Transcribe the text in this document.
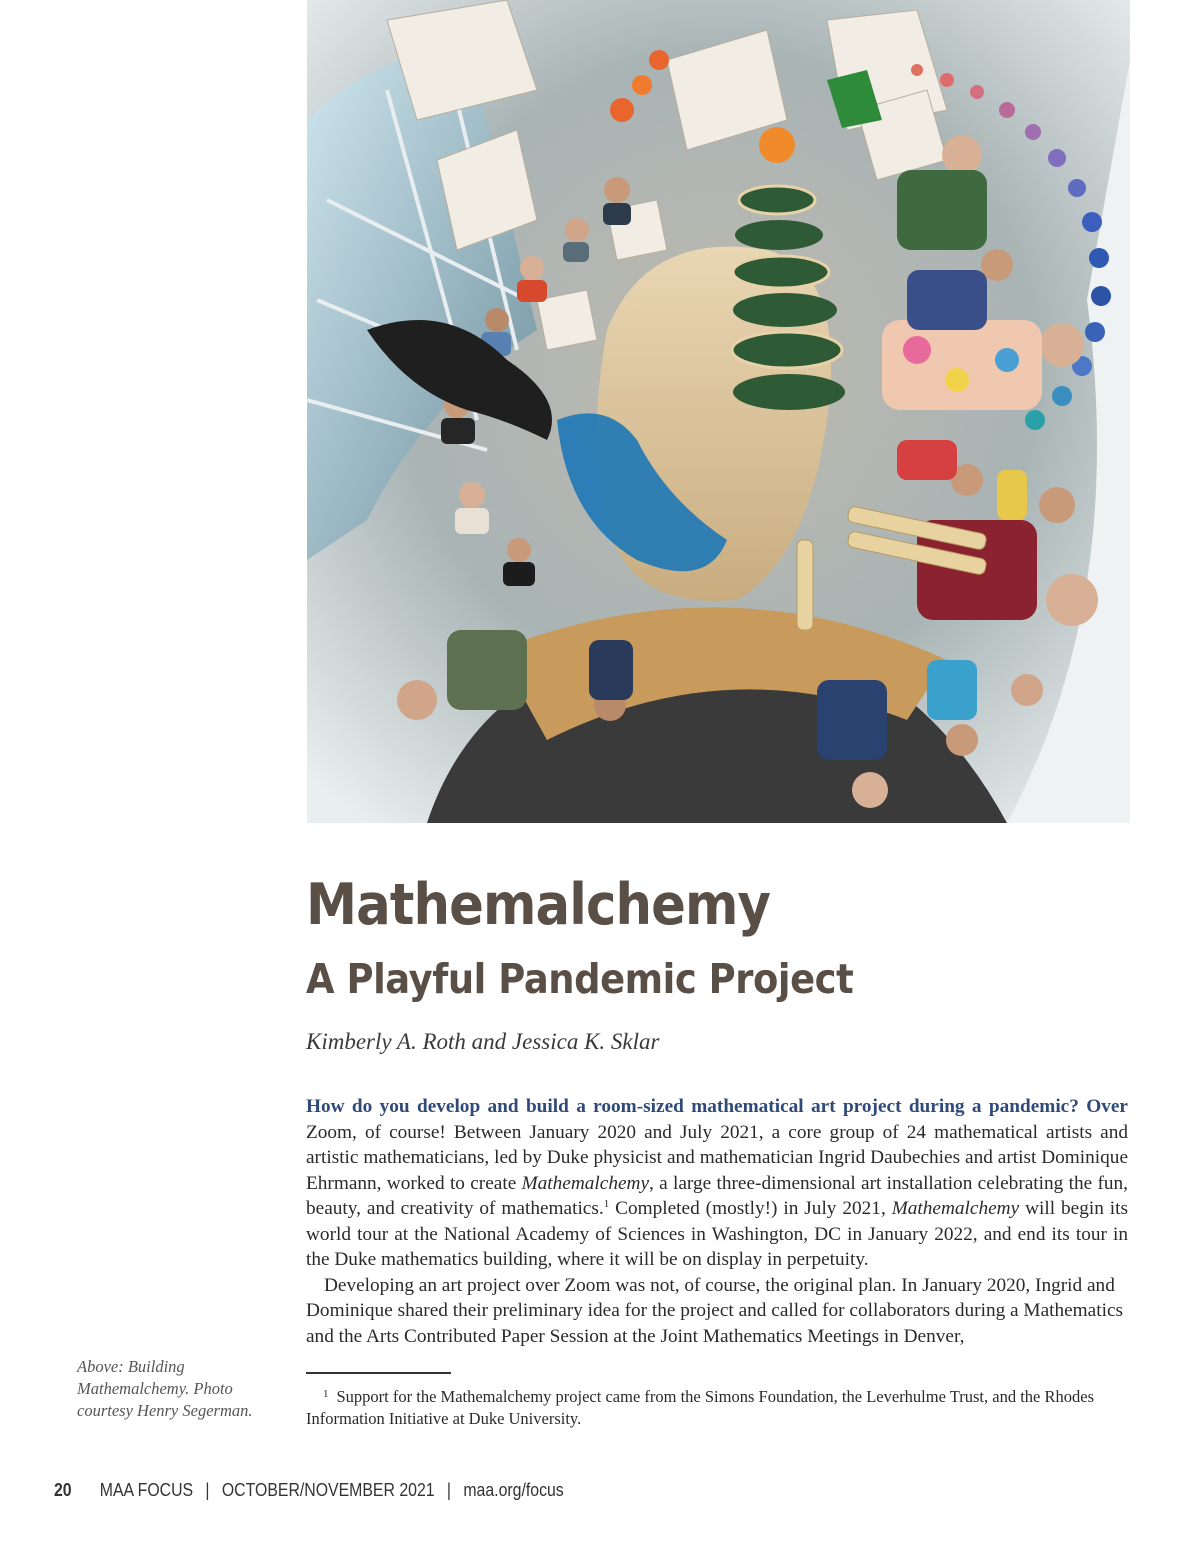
Mathemalchemy
A Playful Pandemic Project
Kimberly A. Roth and Jessica K. Sklar

How do you develop and build a room-sized mathematical art project during a pandemic? Over Zoom, of course! Between January 2020 and July 2021, a core group of 24 mathematical artists and artistic mathematicians, led by Duke physicist and mathematician Ingrid Daubechies and artist Dominique Ehrmann, worked to create Mathemalchemy, a large three-dimensional art installation celebrating the fun, beauty, and creativity of mathematics.$^1$ Completed (mostly!) in July 2021, Mathemalchemy will begin its world tour at the National Academy of Sciences in Washington, DC in January 2022, and end its tour in the Duke mathematics building, where it will be on display in perpetuity.

Developing an art project over Zoom was not, of course, the original plan. In January 2020, Ingrid and Dominique shared their preliminary idea for the project and called for collaborators during a Mathematics and the Arts Contributed Paper Session at the Joint Mathematics Meetings in Denver,

$^1$ Support for the Mathemalchemy project came from the Simons Foundation, the Leverhulme Trust, and the Rhodes Information Initiative at Duke University.
Above: Building Mathemalchemy. Photo courtesy Henry Segerman.
20 MAA FOCUS | OCTOBER/NOVEMBER 2021 | maa.org/focus
